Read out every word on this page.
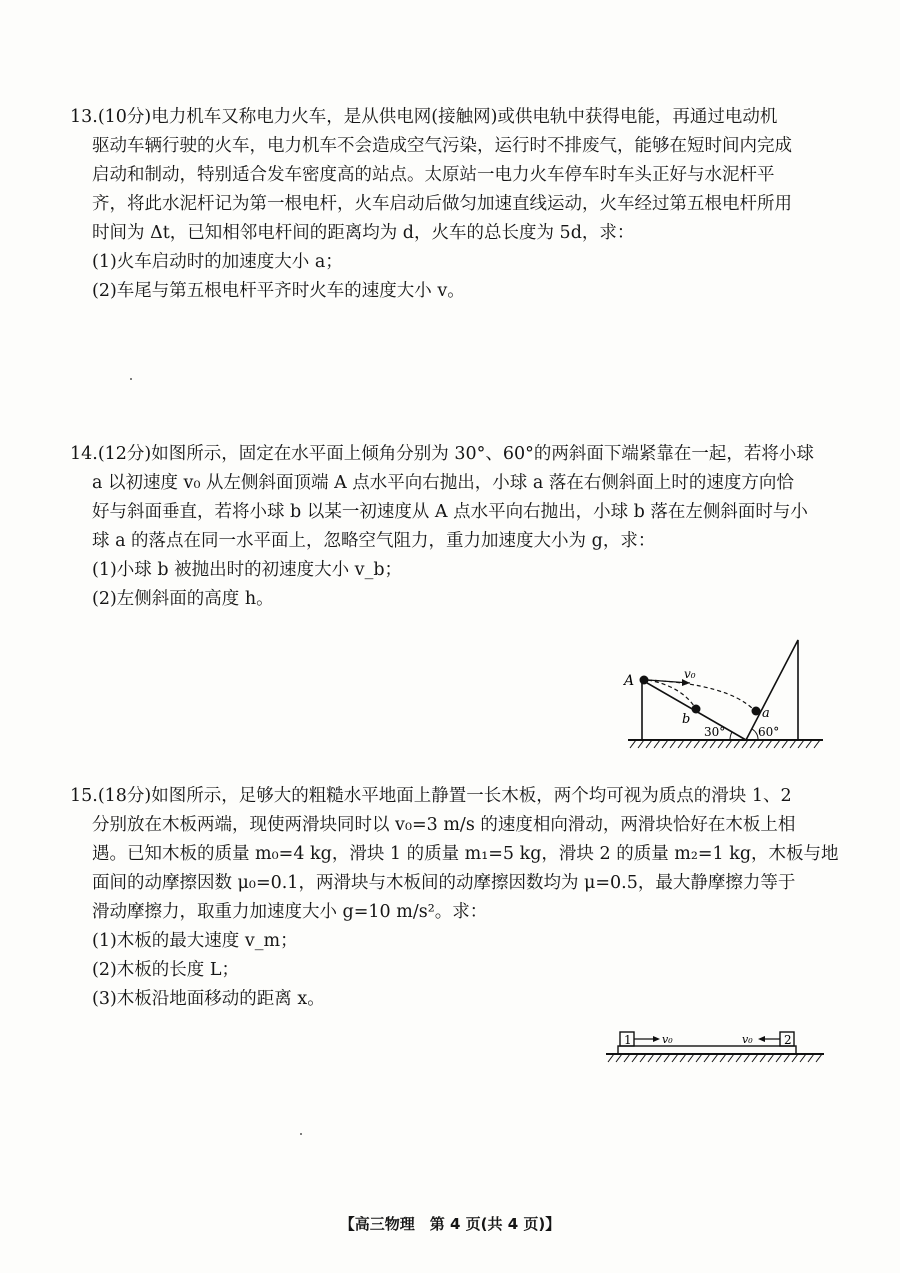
13.(10分)电力机车又称电力火车，是从供电网(接触网)或供电轨中获得电能，再通过电动机
驱动车辆行驶的火车，电力机车不会造成空气污染，运行时不排废气，能够在短时间内完成
启动和制动，特别适合发车密度高的站点。太原站一电力火车停车时车头正好与水泥杆平
齐，将此水泥杆记为第一根电杆，火车启动后做匀加速直线运动，火车经过第五根电杆所用
时间为 Δt，已知相邻电杆间的距离均为 d，火车的总长度为 5d，求：
(1)火车启动时的加速度大小 a；
(2)车尾与第五根电杆平齐时火车的速度大小 v。
14.(12分)如图所示，固定在水平面上倾角分别为 30°、60°的两斜面下端紧靠在一起，若将小球
a 以初速度 v₀ 从左侧斜面顶端 A 点水平向右抛出，小球 a 落在右侧斜面上时的速度方向恰
好与斜面垂直，若将小球 b 以某一初速度从 A 点水平向右抛出，小球 b 落在左侧斜面时与小
球 a 的落点在同一水平面上，忽略空气阻力，重力加速度大小为 g，求：
(1)小球 b 被抛出时的初速度大小 v_b；
(2)左侧斜面的高度 h。
A	v₀
b	a
30°	60°
15.(18分)如图所示，足够大的粗糙水平地面上静置一长木板，两个均可视为质点的滑块 1、2
分别放在木板两端，现使两滑块同时以 v₀=3 m/s 的速度相向滑动，两滑块恰好在木板上相
遇。已知木板的质量 m₀=4 kg，滑块 1 的质量 m₁=5 kg，滑块 2 的质量 m₂=1 kg，木板与地
面间的动摩擦因数 μ₀=0.1，两滑块与木板间的动摩擦因数均为 μ=0.5，最大静摩擦力等于
滑动摩擦力，取重力加速度大小 g=10 m/s²。求：
(1)木板的最大速度 v_m；
(2)木板的长度 L；
(3)木板沿地面移动的距离 x。
1	v₀	2
v₀
【高三物理　第 4 页(共 4 页)】
